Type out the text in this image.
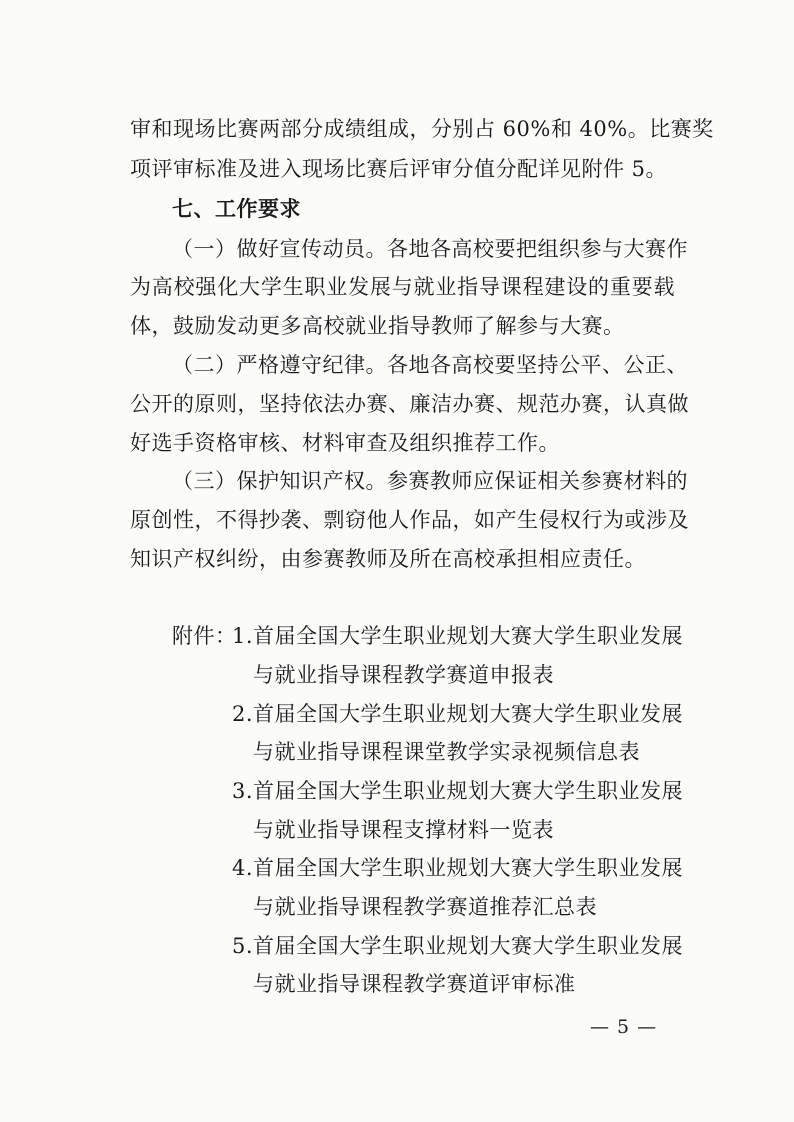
审和现场比赛两部分成绩组成，分别占 60%和 40%。比赛奖
项评审标准及进入现场比赛后评审分值分配详见附件 5。
七、工作要求
（一）做好宣传动员。各地各高校要把组织参与大赛作
为高校强化大学生职业发展与就业指导课程建设的重要载
体，鼓励发动更多高校就业指导教师了解参与大赛。
（二）严格遵守纪律。各地各高校要坚持公平、公正、
公开的原则，坚持依法办赛、廉洁办赛、规范办赛，认真做
好选手资格审核、材料审查及组织推荐工作。
（三）保护知识产权。参赛教师应保证相关参赛材料的
原创性，不得抄袭、剽窃他人作品，如产生侵权行为或涉及
知识产权纠纷，由参赛教师及所在高校承担相应责任。
附件：
1.首届全国大学生职业规划大赛大学生职业发展
与就业指导课程教学赛道申报表
2.首届全国大学生职业规划大赛大学生职业发展
与就业指导课程课堂教学实录视频信息表
3.首届全国大学生职业规划大赛大学生职业发展
与就业指导课程支撑材料一览表
4.首届全国大学生职业规划大赛大学生职业发展
与就业指导课程教学赛道推荐汇总表
5.首届全国大学生职业规划大赛大学生职业发展
与就业指导课程教学赛道评审标准
— 5 —
